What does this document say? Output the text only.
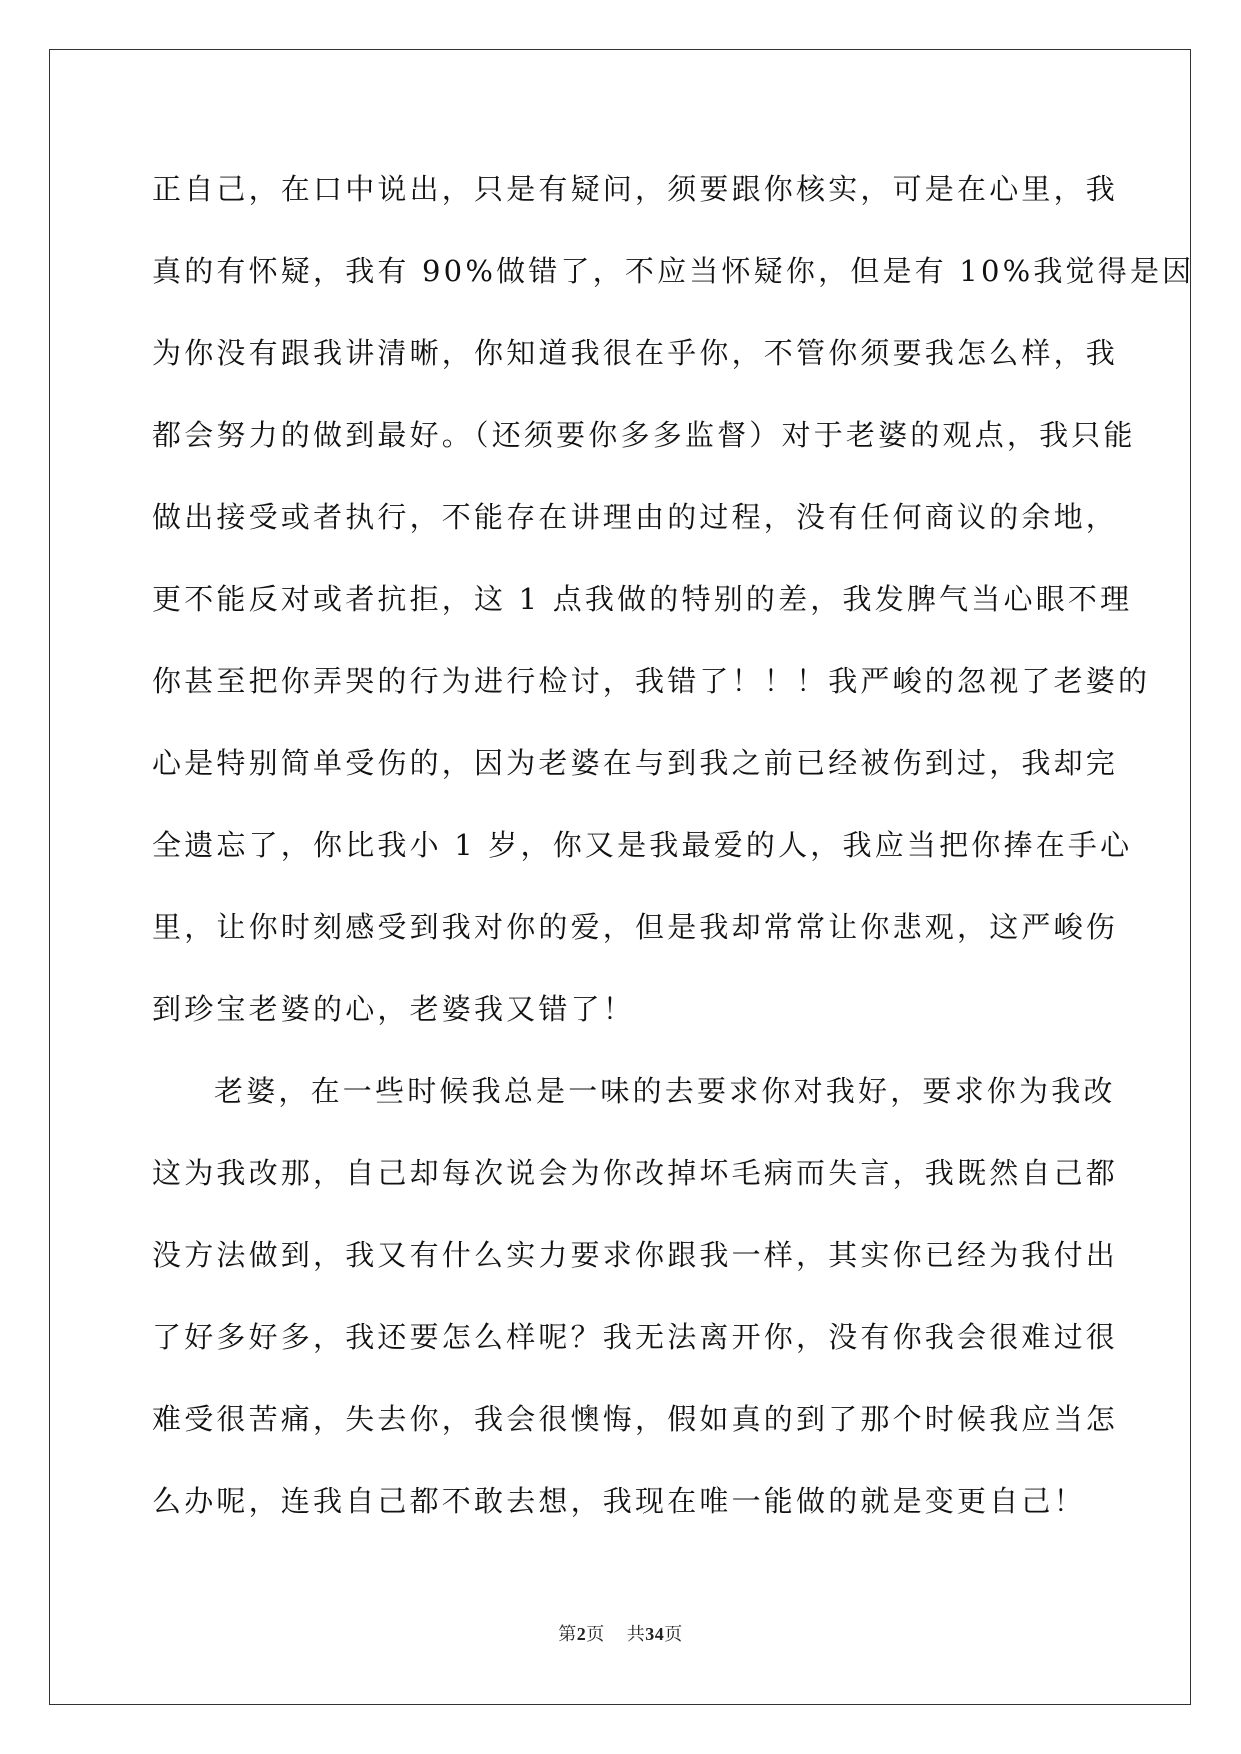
正自己，在口中说出，只是有疑问，须要跟你核实，可是在心里，我
真的有怀疑，我有 90%做错了，不应当怀疑你，但是有 10%我觉得是因
为你没有跟我讲清晰，你知道我很在乎你，不管你须要我怎么样，我
都会努力的做到最好。（还须要你多多监督）对于老婆的观点，我只能
做出接受或者执行，不能存在讲理由的过程，没有任何商议的余地，
更不能反对或者抗拒，这 1 点我做的特别的差，我发脾气当心眼不理
你甚至把你弄哭的行为进行检讨，我错了！！！我严峻的忽视了老婆的
心是特别简单受伤的，因为老婆在与到我之前已经被伤到过，我却完
全遗忘了，你比我小 1 岁，你又是我最爱的人，我应当把你捧在手心
里，让你时刻感受到我对你的爱，但是我却常常让你悲观，这严峻伤
到珍宝老婆的心，老婆我又错了！
老婆，在一些时候我总是一味的去要求你对我好，要求你为我改
这为我改那，自己却每次说会为你改掉坏毛病而失言，我既然自己都
没方法做到，我又有什么实力要求你跟我一样，其实你已经为我付出
了好多好多，我还要怎么样呢？我无法离开你，没有你我会很难过很
难受很苦痛，失去你，我会很懊悔，假如真的到了那个时候我应当怎
么办呢，连我自己都不敢去想，我现在唯一能做的就是变更自己！
第2页 共34页
